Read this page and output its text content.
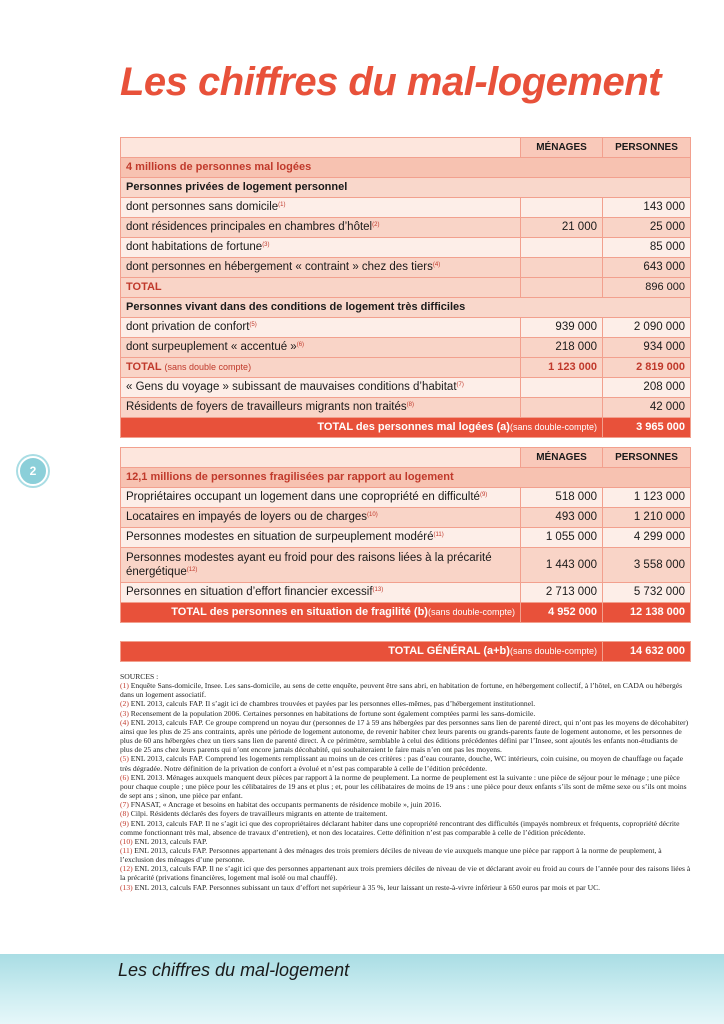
Les chiffres du mal-logement
	MÉNAGES	PERSONNES
4 millions de personnes mal logées		
Personnes privées de logement personnel		
dont personnes sans domicile$^{(1)}$		143 000
dont résidences principales en chambres d’hôtel$^{(2)}$	21 000	25 000
dont habitations de fortune$^{(3)}$		85 000
dont personnes en hébergement « contraint » chez des tiers$^{(4)}$		643 000
TOTAL		896 000
Personnes vivant dans des conditions de logement très difficiles		
dont privation de confort$^{(5)}$	939 000	2 090 000
dont surpeuplement « accentué »$^{(6)}$	218 000	934 000
TOTAL (sans double compte)	1 123 000	2 819 000
« Gens du voyage » subissant de mauvaises conditions d’habitat$^{(7)}$		208 000
Résidents de foyers de travailleurs migrants non traités$^{(8)}$		42 000
TOTAL des personnes mal logées (a)(sans double-compte)		3 965 000
2
	MÉNAGES	PERSONNES
12,1 millions de personnes fragilisées par rapport au logement		
Propriétaires occupant un logement dans une copropriété en difficulté$^{(9)}$	518 000	1 123 000
Locataires en impayés de loyers ou de charges$^{(10)}$	493 000	1 210 000
Personnes modestes en situation de surpeuplement modéré$^{(11)}$	1 055 000	4 299 000
Personnes modestes ayant eu froid pour des raisons liées à la précarité énergétique$^{(12)}$	1 443 000	3 558 000
Personnes en situation d’effort financier excessif$^{(13)}$	2 713 000	5 732 000
TOTAL des personnes en situation de fragilité (b)(sans double-compte)	4 952 000	12 138 000
TOTAL GÉNÉRAL (a+b)(sans double-compte)	14 632 000
SOURCES :
(1) Enquête Sans-domicile, Insee. Les sans-domicile, au sens de cette enquête, peuvent être sans abri, en habitation de fortune, en hébergement collectif, à l’hôtel, en CADA ou hébergés dans un logement associatif.
(2) ENL 2013, calculs FAP. Il s’agit ici de chambres trouvées et payées par les personnes elles-mêmes, pas d’hébergement institutionnel.
(3) Recensement de la population 2006. Certaines personnes en habitations de fortune sont également comptées parmi les sans-domicile.
(4) ENL 2013, calculs FAP. Ce groupe comprend un noyau dur (personnes de 17 à 59 ans hébergées par des personnes sans lien de parenté direct, qui n’ont pas les moyens de décohabiter) ainsi que les plus de 25 ans contraints, après une période de logement autonome, de revenir habiter chez leurs parents ou grands-parents faute de logement autonome, et les personnes de plus de 60 ans hébergées chez un tiers sans lien de parenté direct. À ce périmètre, semblable à celui des éditions précédentes défini par l’Insee, sont ajoutés les enfants non-étudiants de plus de 25 ans chez leurs parents qui n’ont encore jamais décohabité, qui souhaiteraient le faire mais n’en ont pas les moyens.
(5) ENL 2013, calculs FAP. Comprend les logements remplissant au moins un de ces critères : pas d’eau courante, douche, WC intérieurs, coin cuisine, ou moyen de chauffage ou façade très dégradée. Notre définition de la privation de confort a évolué et n’est pas comparable à celle de l’édition précédente.
(6) ENL 2013. Ménages auxquels manquent deux pièces par rapport à la norme de peuplement. La norme de peuplement est la suivante : une pièce de séjour pour le ménage ; une pièce pour chaque couple ; une pièce pour les célibataires de 19 ans et plus ; et, pour les célibataires de moins de 19 ans : une pièce pour deux enfants s’ils sont de même sexe ou s’ils ont moins de sept ans ; sinon, une pièce par enfant.
(7) FNASAT, « Ancrage et besoins en habitat des occupants permanents de résidence mobile », juin 2016.
(8) Cilpi. Résidents déclarés des foyers de travailleurs migrants en attente de traitement.
(9) ENL 2013, calculs FAP. Il ne s’agit ici que des copropriétaires déclarant habiter dans une copropriété rencontrant des difficultés (impayés nombreux et fréquents, copropriété décrite comme fonctionnant très mal, absence de travaux d’entretien), et non des locataires. Cette définition n’est pas comparable à celle de l’édition précédente.
(10) ENL 2013, calculs FAP.
(11) ENL 2013, calculs FAP. Personnes appartenant à des ménages des trois premiers déciles de niveau de vie auxquels manque une pièce par rapport à la norme de peuplement, à l’exclusion des ménages d’une personne.
(12) ENL 2013, calculs FAP. Il ne s’agit ici que des personnes appartenant aux trois premiers déciles de niveau de vie et déclarant avoir eu froid au cours de l’année pour des raisons liées à la précarité (privations financières, logement mal isolé ou mal chauffé).
(13) ENL 2013, calculs FAP. Personnes subissant un taux d’effort net supérieur à 35 %, leur laissant un reste-à-vivre inférieur à 650 euros par mois et par UC.
Les chiffres du mal-logement
